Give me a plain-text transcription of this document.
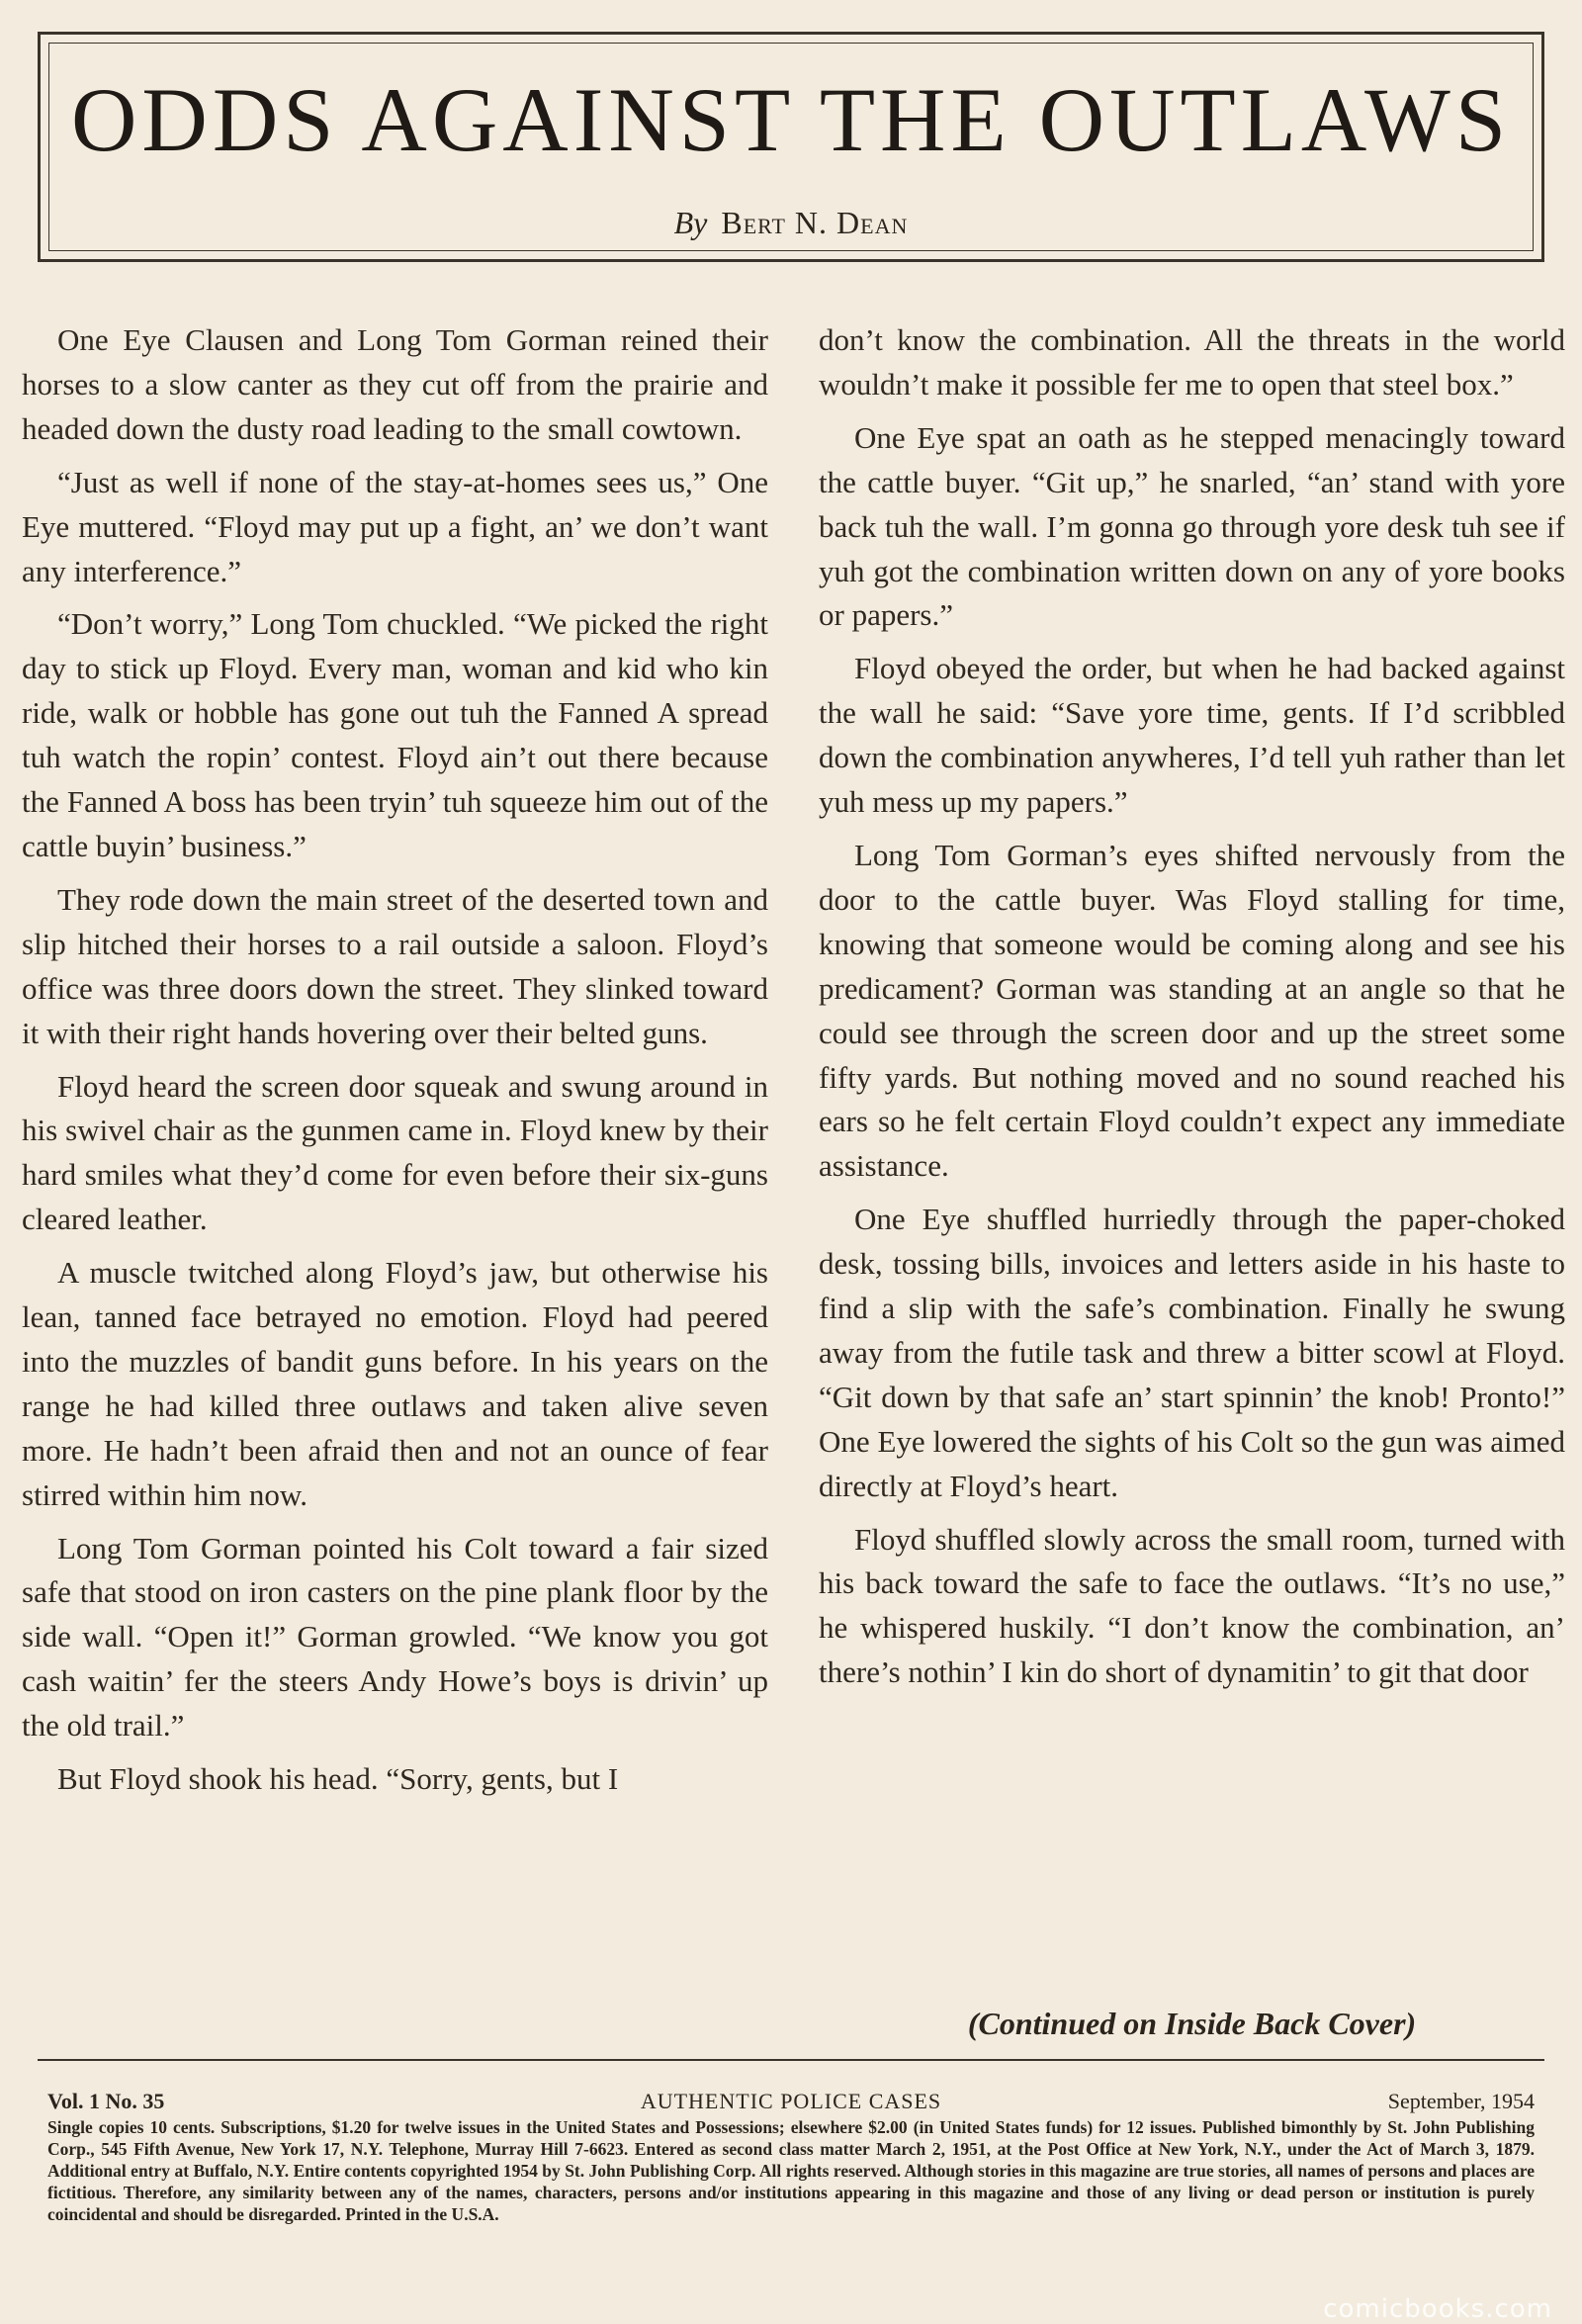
ODDS AGAINST THE OUTLAWS
By Bert N. Dean

One Eye Clausen and Long Tom Gorman reined their horses to a slow canter as they cut off from the prairie and headed down the dusty road leading to the small cowtown.

“Just as well if none of the stay-at-homes sees us,” One Eye muttered. “Floyd may put up a fight, an’ we don’t want any interference.”

“Don’t worry,” Long Tom chuckled. “We picked the right day to stick up Floyd. Every man, woman and kid who kin ride, walk or hobble has gone out tuh the Fanned A spread tuh watch the ropin’ contest. Floyd ain’t out there because the Fanned A boss has been tryin’ tuh squeeze him out of the cattle buyin’ business.”

They rode down the main street of the deserted town and slip hitched their horses to a rail outside a saloon. Floyd’s office was three doors down the street. They slinked toward it with their right hands hovering over their belted guns.

Floyd heard the screen door squeak and swung around in his swivel chair as the gunmen came in. Floyd knew by their hard smiles what they’d come for even before their six-guns cleared leather.

A muscle twitched along Floyd’s jaw, but otherwise his lean, tanned face betrayed no emotion. Floyd had peered into the muzzles of bandit guns before. In his years on the range he had killed three outlaws and taken alive seven more. He hadn’t been afraid then and not an ounce of fear stirred within him now.

Long Tom Gorman pointed his Colt toward a fair sized safe that stood on iron casters on the pine plank floor by the side wall. “Open it!” Gorman growled. “We know you got cash waitin’ fer the steers Andy Howe’s boys is drivin’ up the old trail.”

But Floyd shook his head. “Sorry, gents, but I

don’t know the combination. All the threats in the world wouldn’t make it possible fer me to open that steel box.”

One Eye spat an oath as he stepped menacingly toward the cattle buyer. “Git up,” he snarled, “an’ stand with yore back tuh the wall. I’m gonna go through yore desk tuh see if yuh got the combination written down on any of yore books or papers.”

Floyd obeyed the order, but when he had backed against the wall he said: “Save yore time, gents. If I’d scribbled down the combination anywheres, I’d tell yuh rather than let yuh mess up my papers.”

Long Tom Gorman’s eyes shifted nervously from the door to the cattle buyer. Was Floyd stalling for time, knowing that someone would be coming along and see his predicament? Gorman was standing at an angle so that he could see through the screen door and up the street some fifty yards. But nothing moved and no sound reached his ears so he felt certain Floyd couldn’t expect any immediate assistance.

One Eye shuffled hurriedly through the paper-choked desk, tossing bills, invoices and letters aside in his haste to find a slip with the safe’s combination. Finally he swung away from the futile task and threw a bitter scowl at Floyd. “Git down by that safe an’ start spinnin’ the knob! Pronto!” One Eye lowered the sights of his Colt so the gun was aimed directly at Floyd’s heart.

Floyd shuffled slowly across the small room, turned with his back toward the safe to face the outlaws. “It’s no use,” he whispered huskily. “I don’t know the combination, an’ there’s nothin’ I kin do short of dynamitin’ to git that door

(Continued on Inside Back Cover)
Vol. 1 No. 35	AUTHENTIC POLICE CASES	September, 1954
Single copies 10 cents. Subscriptions, $1.20 for twelve issues in the United States and Possessions; elsewhere $2.00 (in United States funds) for 12 issues. Published bimonthly by St. John Publishing Corp., 545 Fifth Avenue, New York 17, N.Y. Telephone, Murray Hill 7-6623. Entered as second class matter March 2, 1951, at the Post Office at New York, N.Y., under the Act of March 3, 1879. Additional entry at Buffalo, N.Y. Entire contents copyrighted 1954 by St. John Publishing Corp. All rights reserved. Although stories in this magazine are true stories, all names of persons and places are fictitious. Therefore, any similarity between any of the names, characters, persons and/or institutions appearing in this magazine and those of any living or dead person or institution is purely coincidental and should be disregarded. Printed in the U.S.A.
comicbooks.com
